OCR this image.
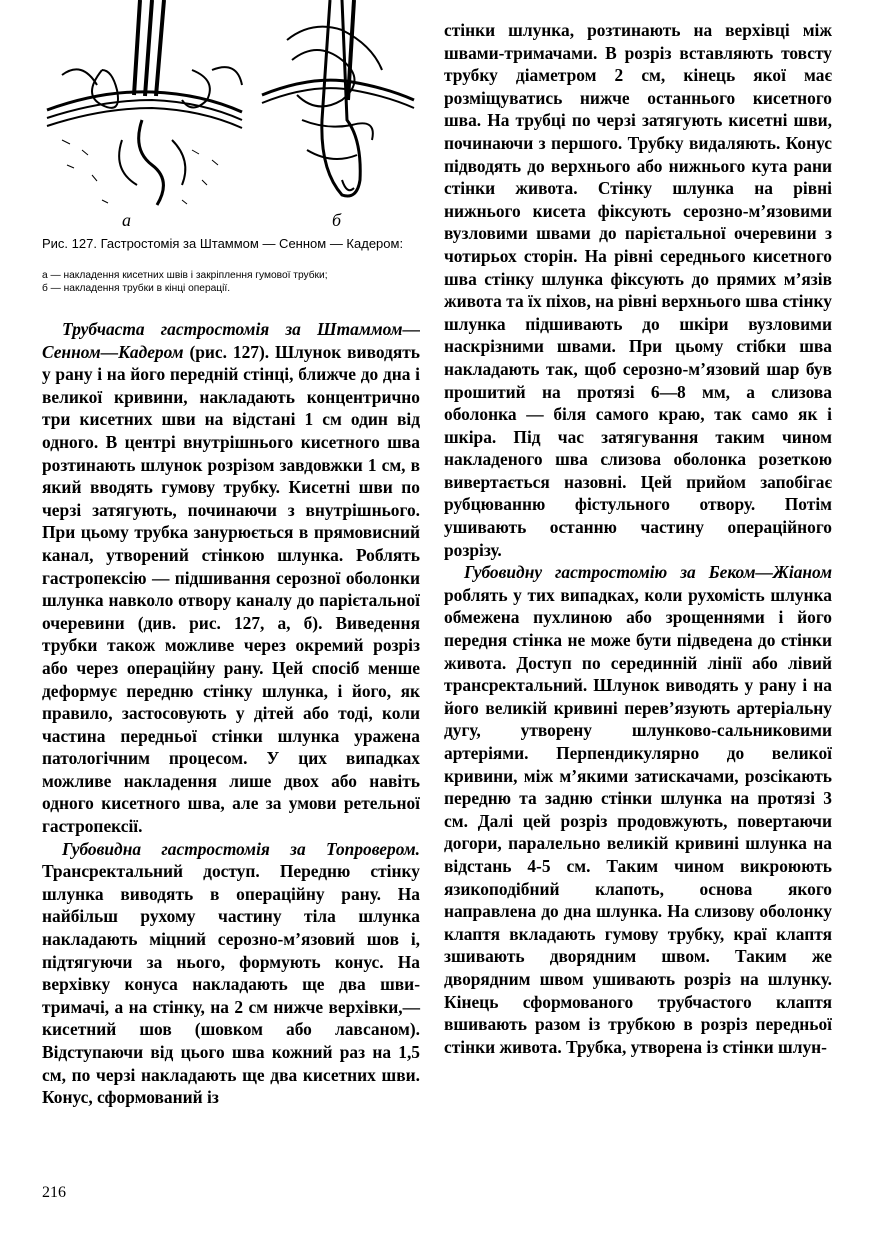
a	б
Рис. 127. Гастростомія за Штаммом — Сенном — Кадером:
а — накладення кисетних швів і закріплення гумової трубки;
б — накладення трубки в кінці операції.

Трубчаста гастростомія за Штаммом—Сенном—Кадером (рис. 127). Шлунок виводять у рану і на його передній стінці, ближче до дна і великої кривини, накладають концентрично три кисетних шви на відстані 1 см один від одного. В центрі внутрішнього кисетного шва розтинають шлунок розрізом завдовжки 1 см, в який вводять гумову трубку. Кисетні шви по черзі затягують, починаючи з внутрішнього. При цьому трубка занурюється в прямовисний канал, утворений стінкою шлунка. Роблять гастропексію — підшивання серозної оболонки шлунка навколо отвору каналу до парієтальної очеревини (див. рис. 127, а, б). Виведення трубки також можливе через окремий розріз або через операційну рану. Цей спосіб менше деформує передню стінку шлунка, і його, як правило, застосовують у дітей або тоді, коли частина передньої стінки шлунка уражена патологічним процесом. У цих випадках можливе накладення лише двох або навіть одного кисетного шва, але за умови ретельної гастропексії.

Губовидна гастростомія за Топровером. Трансректальний доступ. Передню стінку шлунка виводять в операційну рану. На найбільш рухому частину тіла шлунка накладають міцний серозно-м’язовий шов і, підтягуючи за нього, формують конус. На верхівку конуса накладають ще два шви-тримачі, а на стінку, на 2 см нижче верхівки,— кисетний шов (шовком або лавсаном). Відступаючи від цього шва кожний раз на 1,5 см, по черзі накладають ще два кисетних шви. Конус, сформований із

стінки шлунка, розтинають на верхівці між швами-тримачами. В розріз вставляють товсту трубку діаметром 2 см, кінець якої має розміщуватись нижче останнього кисетного шва. На трубці по черзі затягують кисетні шви, починаючи з першого. Трубку видаляють. Конус підводять до верхнього або нижнього кута рани стінки живота. Стінку шлунка на рівні нижнього кисета фіксують серозно-м’язовими вузловими швами до парієтальної очеревини з чотирьох сторін. На рівні середнього кисетного шва стінку шлунка фіксують до прямих м’язів живота та їх піхов, на рівні верхнього шва стінку шлунка підшивають до шкіри вузловими наскрізними швами. При цьому стібки шва накладають так, щоб серозно-м’язовий шар був прошитий на протязі 6—8 мм, а слизова оболонка — біля самого краю, так само як і шкіра. Під час затягування таким чином накладеного шва слизова оболонка розеткою вивертається назовні. Цей прийом запобігає рубцюванню фістульного отвору. Потім ушивають останню частину операційного розрізу.

Губовидну гастростомію за Беком—Жіаном роблять у тих випадках, коли рухомість шлунка обмежена пухлиною або зрощеннями і його передня стінка не може бути підведена до стінки живота. Доступ по серединній лінії або лівий трансректальний. Шлунок виводять у рану і на його великій кривині перев’язують артеріальну дугу, утворену шлунково-сальниковими артеріями. Перпендикулярно до великої кривини, між м’якими затискачами, розсікають передню та задню стінки шлунка на протязі 3 см. Далі цей розріз продовжують, повертаючи догори, паралельно великій кривині шлунка на відстань 4-5 см. Таким чином викроюють язикоподібний клапоть, основа якого направлена до дна шлунка. На слизову оболонку клаптя вкладають гумову трубку, краї клаптя зшивають дворядним швом. Таким же дворядним швом ушивають розріз на шлунку. Кінець сформованого трубчастого клаптя вшивають разом із трубкою в розріз передньої стінки живота. Трубка, утворена із стінки шлун-

216
